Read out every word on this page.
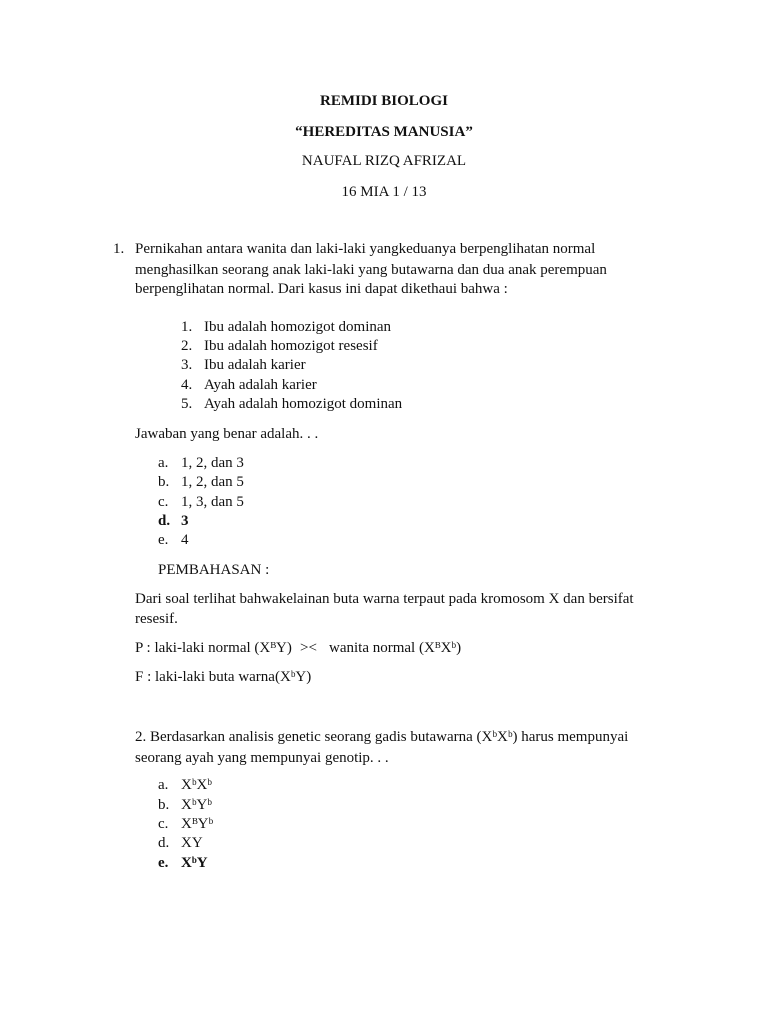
REMIDI BIOLOGI
“HEREDITAS MANUSIA”
NAUFAL RIZQ AFRIZAL
16 MIA 1 / 13
1. Pernikahan antara wanita dan laki-laki yangkeduanya berpenglihatan normal
menghasilkan seorang anak laki-laki yang butawarna dan dua anak perempuan
berpenglihatan normal. Dari kasus ini dapat dikethaui bahwa :
1. Ibu adalah homozigot dominan
2. Ibu adalah homozigot resesif
3. Ibu adalah karier
4. Ayah adalah karier
5. Ayah adalah homozigot dominan
Jawaban yang benar adalah. . .
a. 1, 2, dan 3
b. 1, 2, dan 5
c. 1, 3, dan 5
d. 3
e. 4
PEMBAHASAN :
Dari soal terlihat bahwakelainan buta warna terpaut pada kromosom X dan bersifat
resesif.
P : laki-laki normal (XᴮY) >< wanita normal (XᴮXᵇ)
F : laki-laki buta warna(XᵇY)
2. Berdasarkan analisis genetic seorang gadis butawarna (XᵇXᵇ) harus mempunyai
seorang ayah yang mempunyai genotip. . .
a. XᵇXᵇ
b. XᵇYᵇ
c. XᴮYᵇ
d. XY
e. XᵇY
